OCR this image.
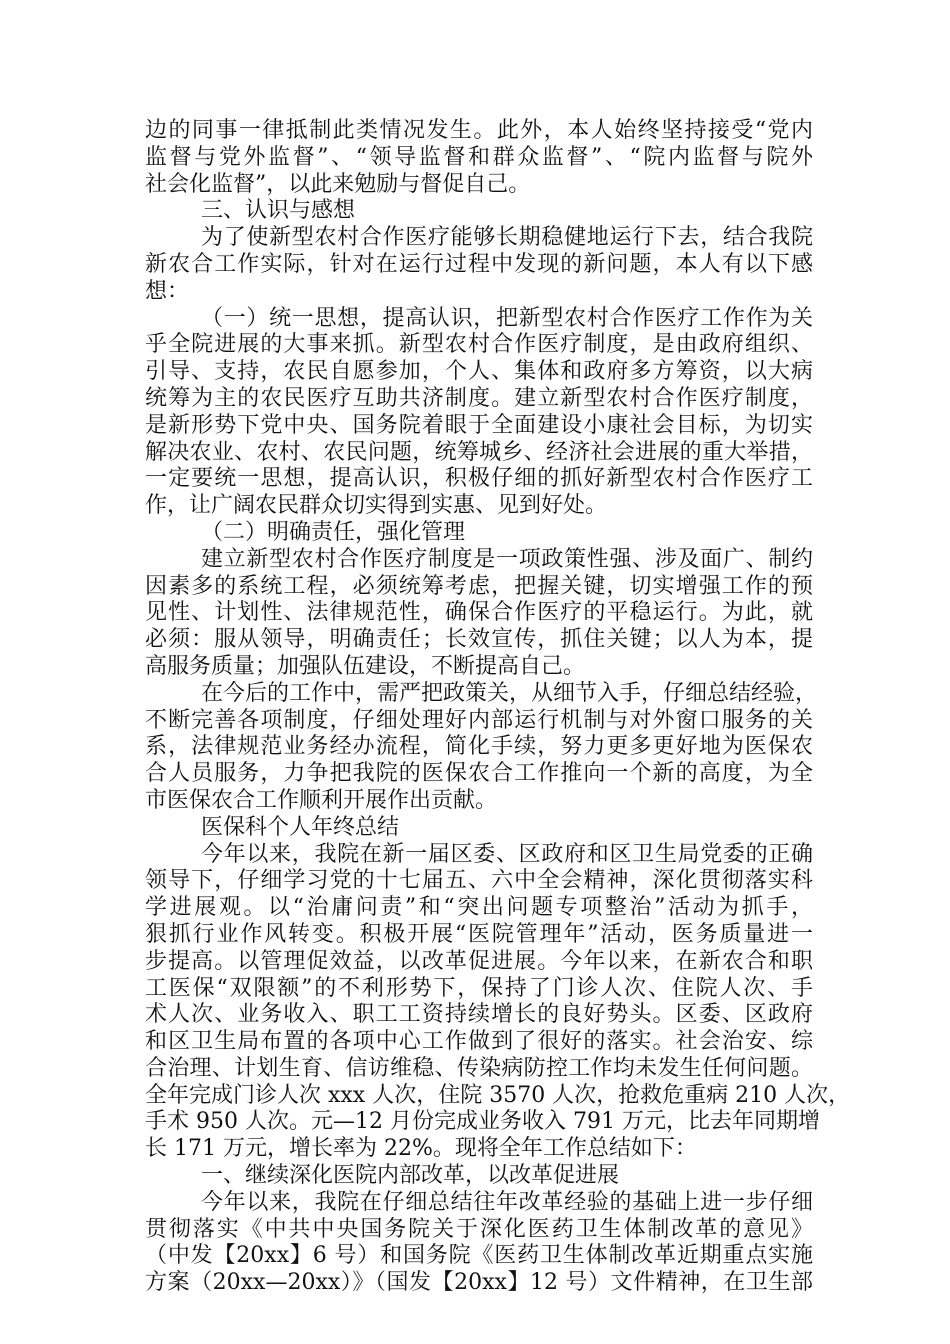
边的同事一律抵制此类情况发生。此外，本人始终坚持接受“党内
监督与党外监督”、“领导监督和群众监督”、“院内监督与院外
社会化监督”，以此来勉励与督促自己。
三、认识与感想
为了使新型农村合作医疗能够长期稳健地运行下去，结合我院
新农合工作实际，针对在运行过程中发现的新问题，本人有以下感
想：
（一）统一思想，提高认识，把新型农村合作医疗工作作为关
乎全院进展的大事来抓。新型农村合作医疗制度，是由政府组织、
引导、支持，农民自愿参加，个人、集体和政府多方筹资，以大病
统筹为主的农民医疗互助共济制度。建立新型农村合作医疗制度，
是新形势下党中央、国务院着眼于全面建设小康社会目标，为切实
解决农业、农村、农民问题，统筹城乡、经济社会进展的重大举措，
一定要统一思想，提高认识，积极仔细的抓好新型农村合作医疗工
作，让广阔农民群众切实得到实惠、见到好处。
（二）明确责任，强化管理
建立新型农村合作医疗制度是一项政策性强、涉及面广、制约
因素多的系统工程，必须统筹考虑，把握关键，切实增强工作的预
见性、计划性、法律规范性，确保合作医疗的平稳运行。为此，就
必须：服从领导，明确责任；长效宣传，抓住关键；以人为本，提
高服务质量；加强队伍建设，不断提高自己。
在今后的工作中，需严把政策关，从细节入手，仔细总结经验，
不断完善各项制度，仔细处理好内部运行机制与对外窗口服务的关
系，法律规范业务经办流程，简化手续，努力更多更好地为医保农
合人员服务，力争把我院的医保农合工作推向一个新的高度，为全
市医保农合工作顺利开展作出贡献。
医保科个人年终总结
今年以来，我院在新一届区委、区政府和区卫生局党委的正确
领导下，仔细学习党的十七届五、六中全会精神，深化贯彻落实科
学进展观。以“治庸问责”和“突出问题专项整治”活动为抓手，
狠抓行业作风转变。积极开展“医院管理年”活动，医务质量进一
步提高。以管理促效益，以改革促进展。今年以来，在新农合和职
工医保“双限额”的不利形势下，保持了门诊人次、住院人次、手
术人次、业务收入、职工工资持续增长的良好势头。区委、区政府
和区卫生局布置的各项中心工作做到了很好的落实。社会治安、综
合治理、计划生育、信访维稳、传染病防控工作均未发生任何问题。
全年完成门诊人次 xxx 人次，住院 3570 人次，抢救危重病 210 人次，
手术 950 人次。元—12 月份完成业务收入 791 万元，比去年同期增
长 171 万元，增长率为 22%。现将全年工作总结如下：
一、继续深化医院内部改革，以改革促进展
今年以来，我院在仔细总结往年改革经验的基础上进一步仔细
贯彻落实《中共中央国务院关于深化医药卫生体制改革的意见》
（中发【20xx】6 号）和国务院《医药卫生体制改革近期重点实施
方案（20xx—20xx）》（国发【20xx】12 号）文件精神，在卫生部
